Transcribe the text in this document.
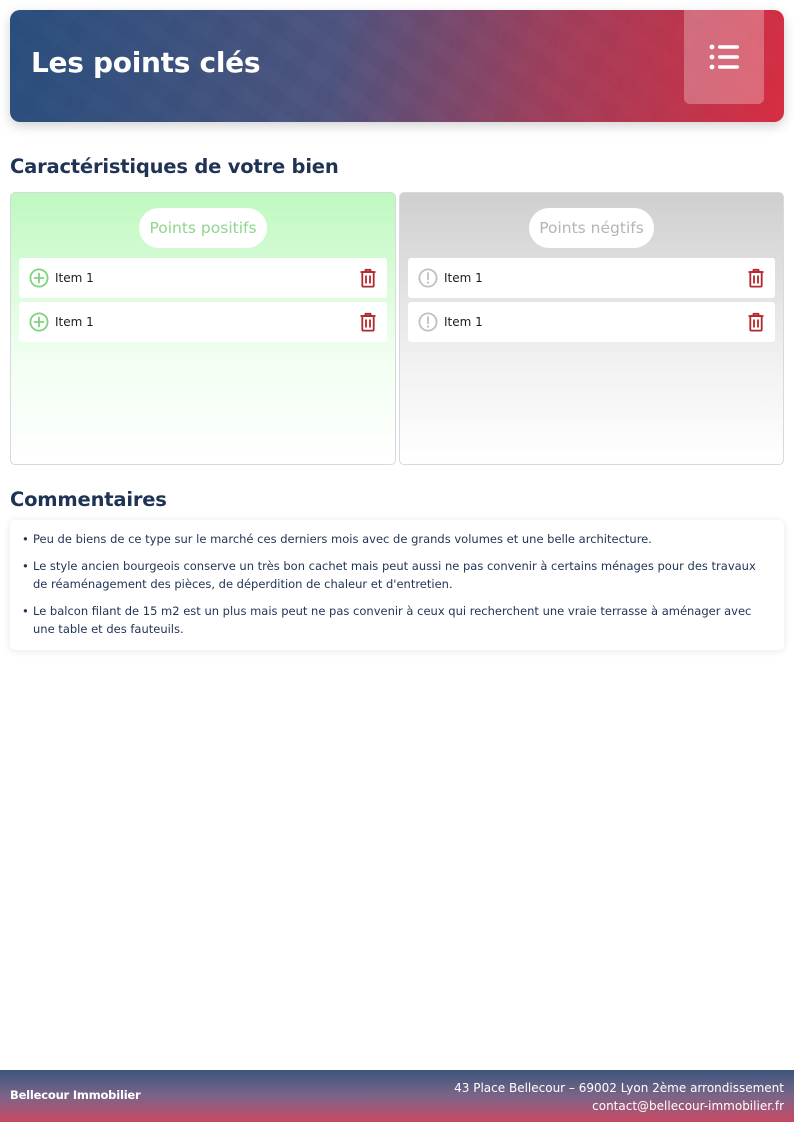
Les points clés
Caractéristiques de votre bien
Points positifs
Item 1
Item 1
Points négtifs
Item 1
Item 1
Commentaires

• Peu de biens de ce type sur le marché ces derniers mois avec de grands volumes et une belle architecture.

• Le style ancien bourgeois conserve un très bon cachet mais peut aussi ne pas convenir à certains ménages pour des travaux de réaménagement des pièces, de déperdition de chaleur et d'entretien.

• Le balcon filant de 15 m2 est un plus mais peut ne pas convenir à ceux qui recherchent une vraie terrasse à aménager avec une table et des fauteuils.

Bellecour Immobilier	43 Place Bellecour – 69002 Lyon 2ème arrondissement
contact@bellecour-immobilier.fr
